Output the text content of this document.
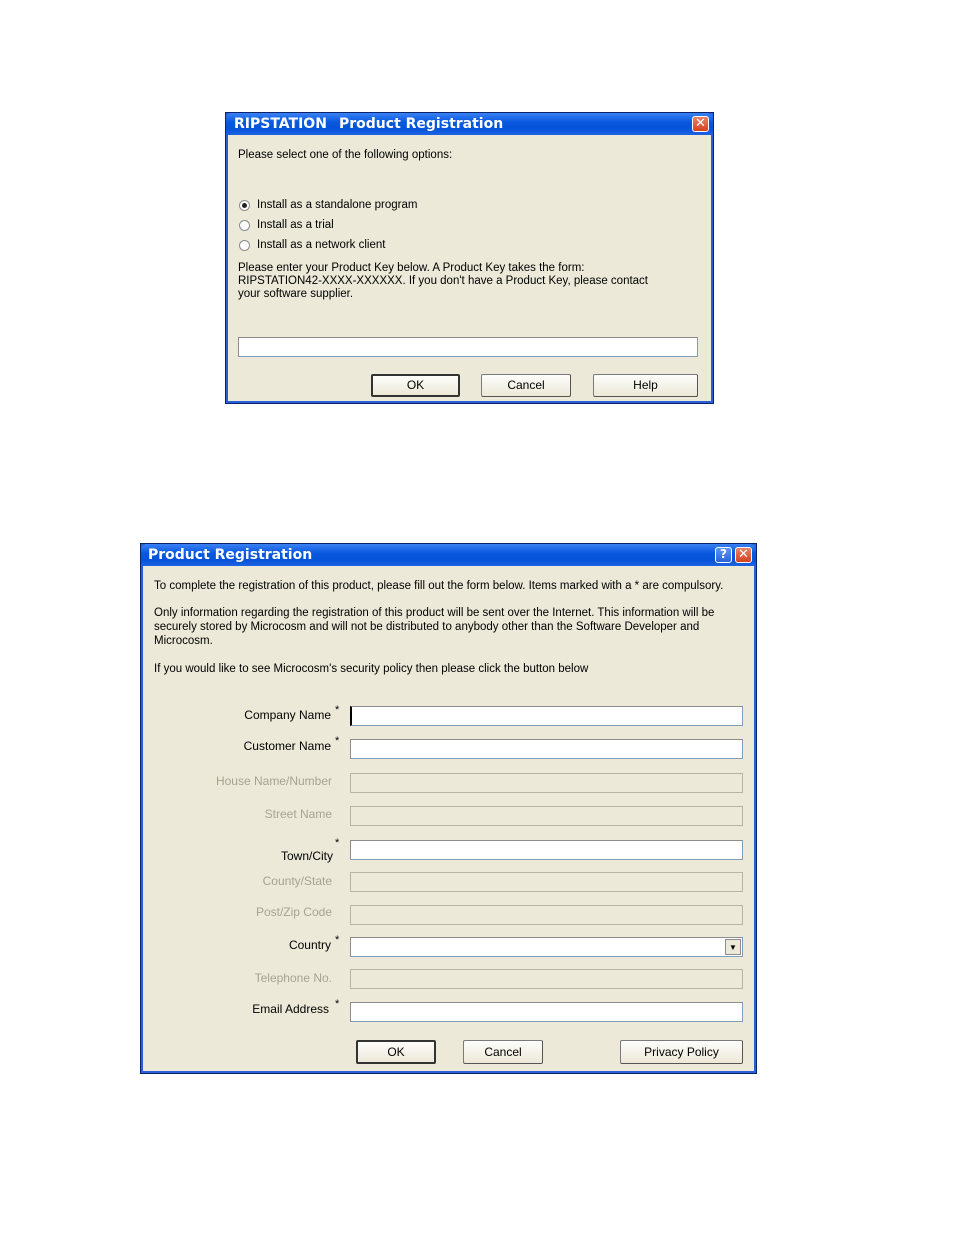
RIPSTATION Product Registration	✕
Please select one of the following options:
Install as a standalone program
Install as a trial
Install as a network client
Please enter your Product Key below. A Product Key takes the form:
RIPSTATION42-XXXX-XXXXXX. If you don't have a Product Key, please contact
your software supplier.
OK	Cancel	Help
Product Registration	? ✕
To complete the registration of this product, please fill out the form below. Items marked with a * are compulsory.
Only information regarding the registration of this product will be sent over the Internet. This information will be
securely stored by Microcosm and will not be distributed to anybody other than the Software Developer and
Microcosm.
If you would like to see Microcosm's security policy then please click the button below
Company Name *
Customer Name *
House Name/Number
Street Name
Town/City
*
County/State
Post/Zip Code
Country *
▼
Telephone No.
Email Address *
OK	Cancel	Privacy Policy
